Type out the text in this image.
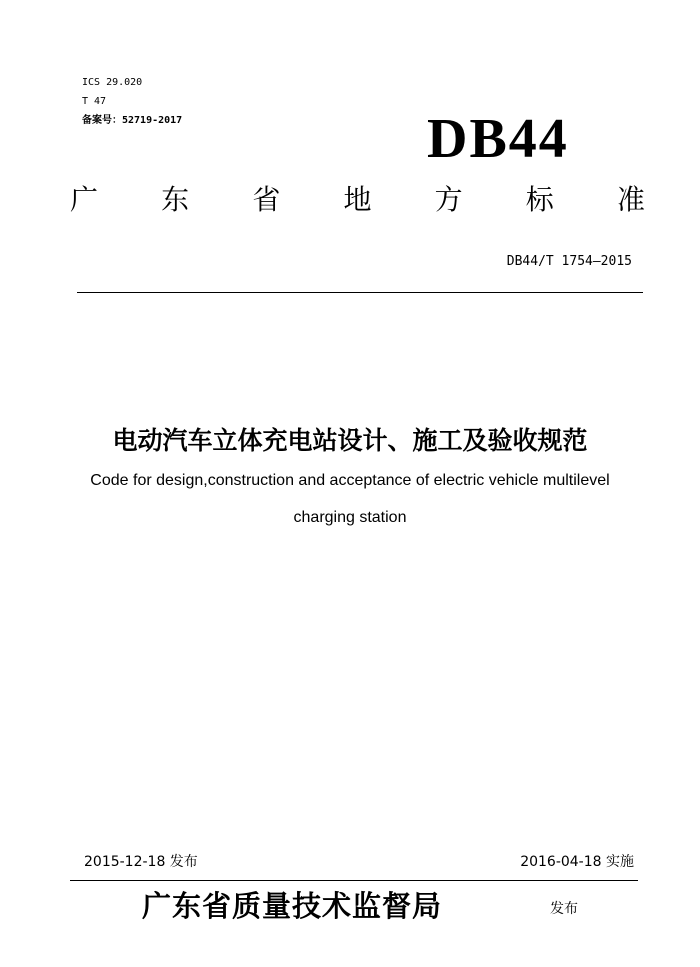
ICS 29.020
T 47
备案号：52719-2017	DB44
广 东 省 地 方 标 准
DB44/T 1754—2015
电动汽车立体充电站设计、施工及验收规范
Code for design,construction and acceptance of electric vehicle multilevel
charging station
2015-12-18 发布	2016-04-18 实施
广东省质量技术监督局	发布
